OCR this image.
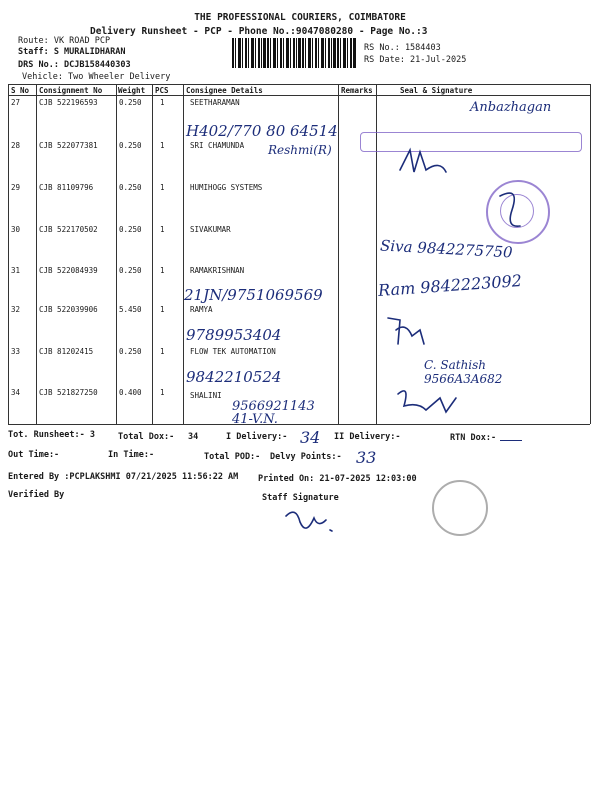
THE PROFESSIONAL COURIERS, COIMBATORE
Delivery Runsheet - PCP - Phone No.:9047080280 - Page No.:3
Route: VK ROAD PCP
Staff: S MURALIDHARAN
DRS No.: DCJB158440303
Vehicle: Two Wheeler Delivery
RS No.: 1584403
RS Date: 21-Jul-2025
S No Consignment No Weight PCS Consignee Details	Remarks	Seal & Signature
27	CJB 522196593	0.250 1	SEETHARAMAN
H402/770 80 64514
28	CJB 522077381	0.250 1	SRI CHAMUNDA Reshmi(R)
29	CJB 81109796	0.250 1	HUMIHOGG SYSTEMS
30	CJB 522170502	0.250 1	SIVAKUMAR
31	CJB 522084939	0.250 1	RAMAKRISHNAN
21JN/9751069569
32	CJB 522039906	5.450 1	RAMYA
9789953404
33	CJB 81202415	0.250 1	FLOW TEK AUTOMATION
9842210524
34	CJB 521827250	0.400 1	SHALINI
9566921143 41-V.N.
Anbazhagan
Siva 9842275750
Ram 9842223092
C. Sathish 9566A3A682
Tot. Runsheet:- 3	Total Dox:- 34	I Delivery:- 34 II Delivery:-	RTN Dox:-
Out Time:-	In Time:-	Total POD:- Delvy Points:- 33
Entered By :PCPLAKSHMI 07/21/2025 11:56:22 AM Printed On: 21-07-2025 12:03:00
Verified By	Staff Signature
